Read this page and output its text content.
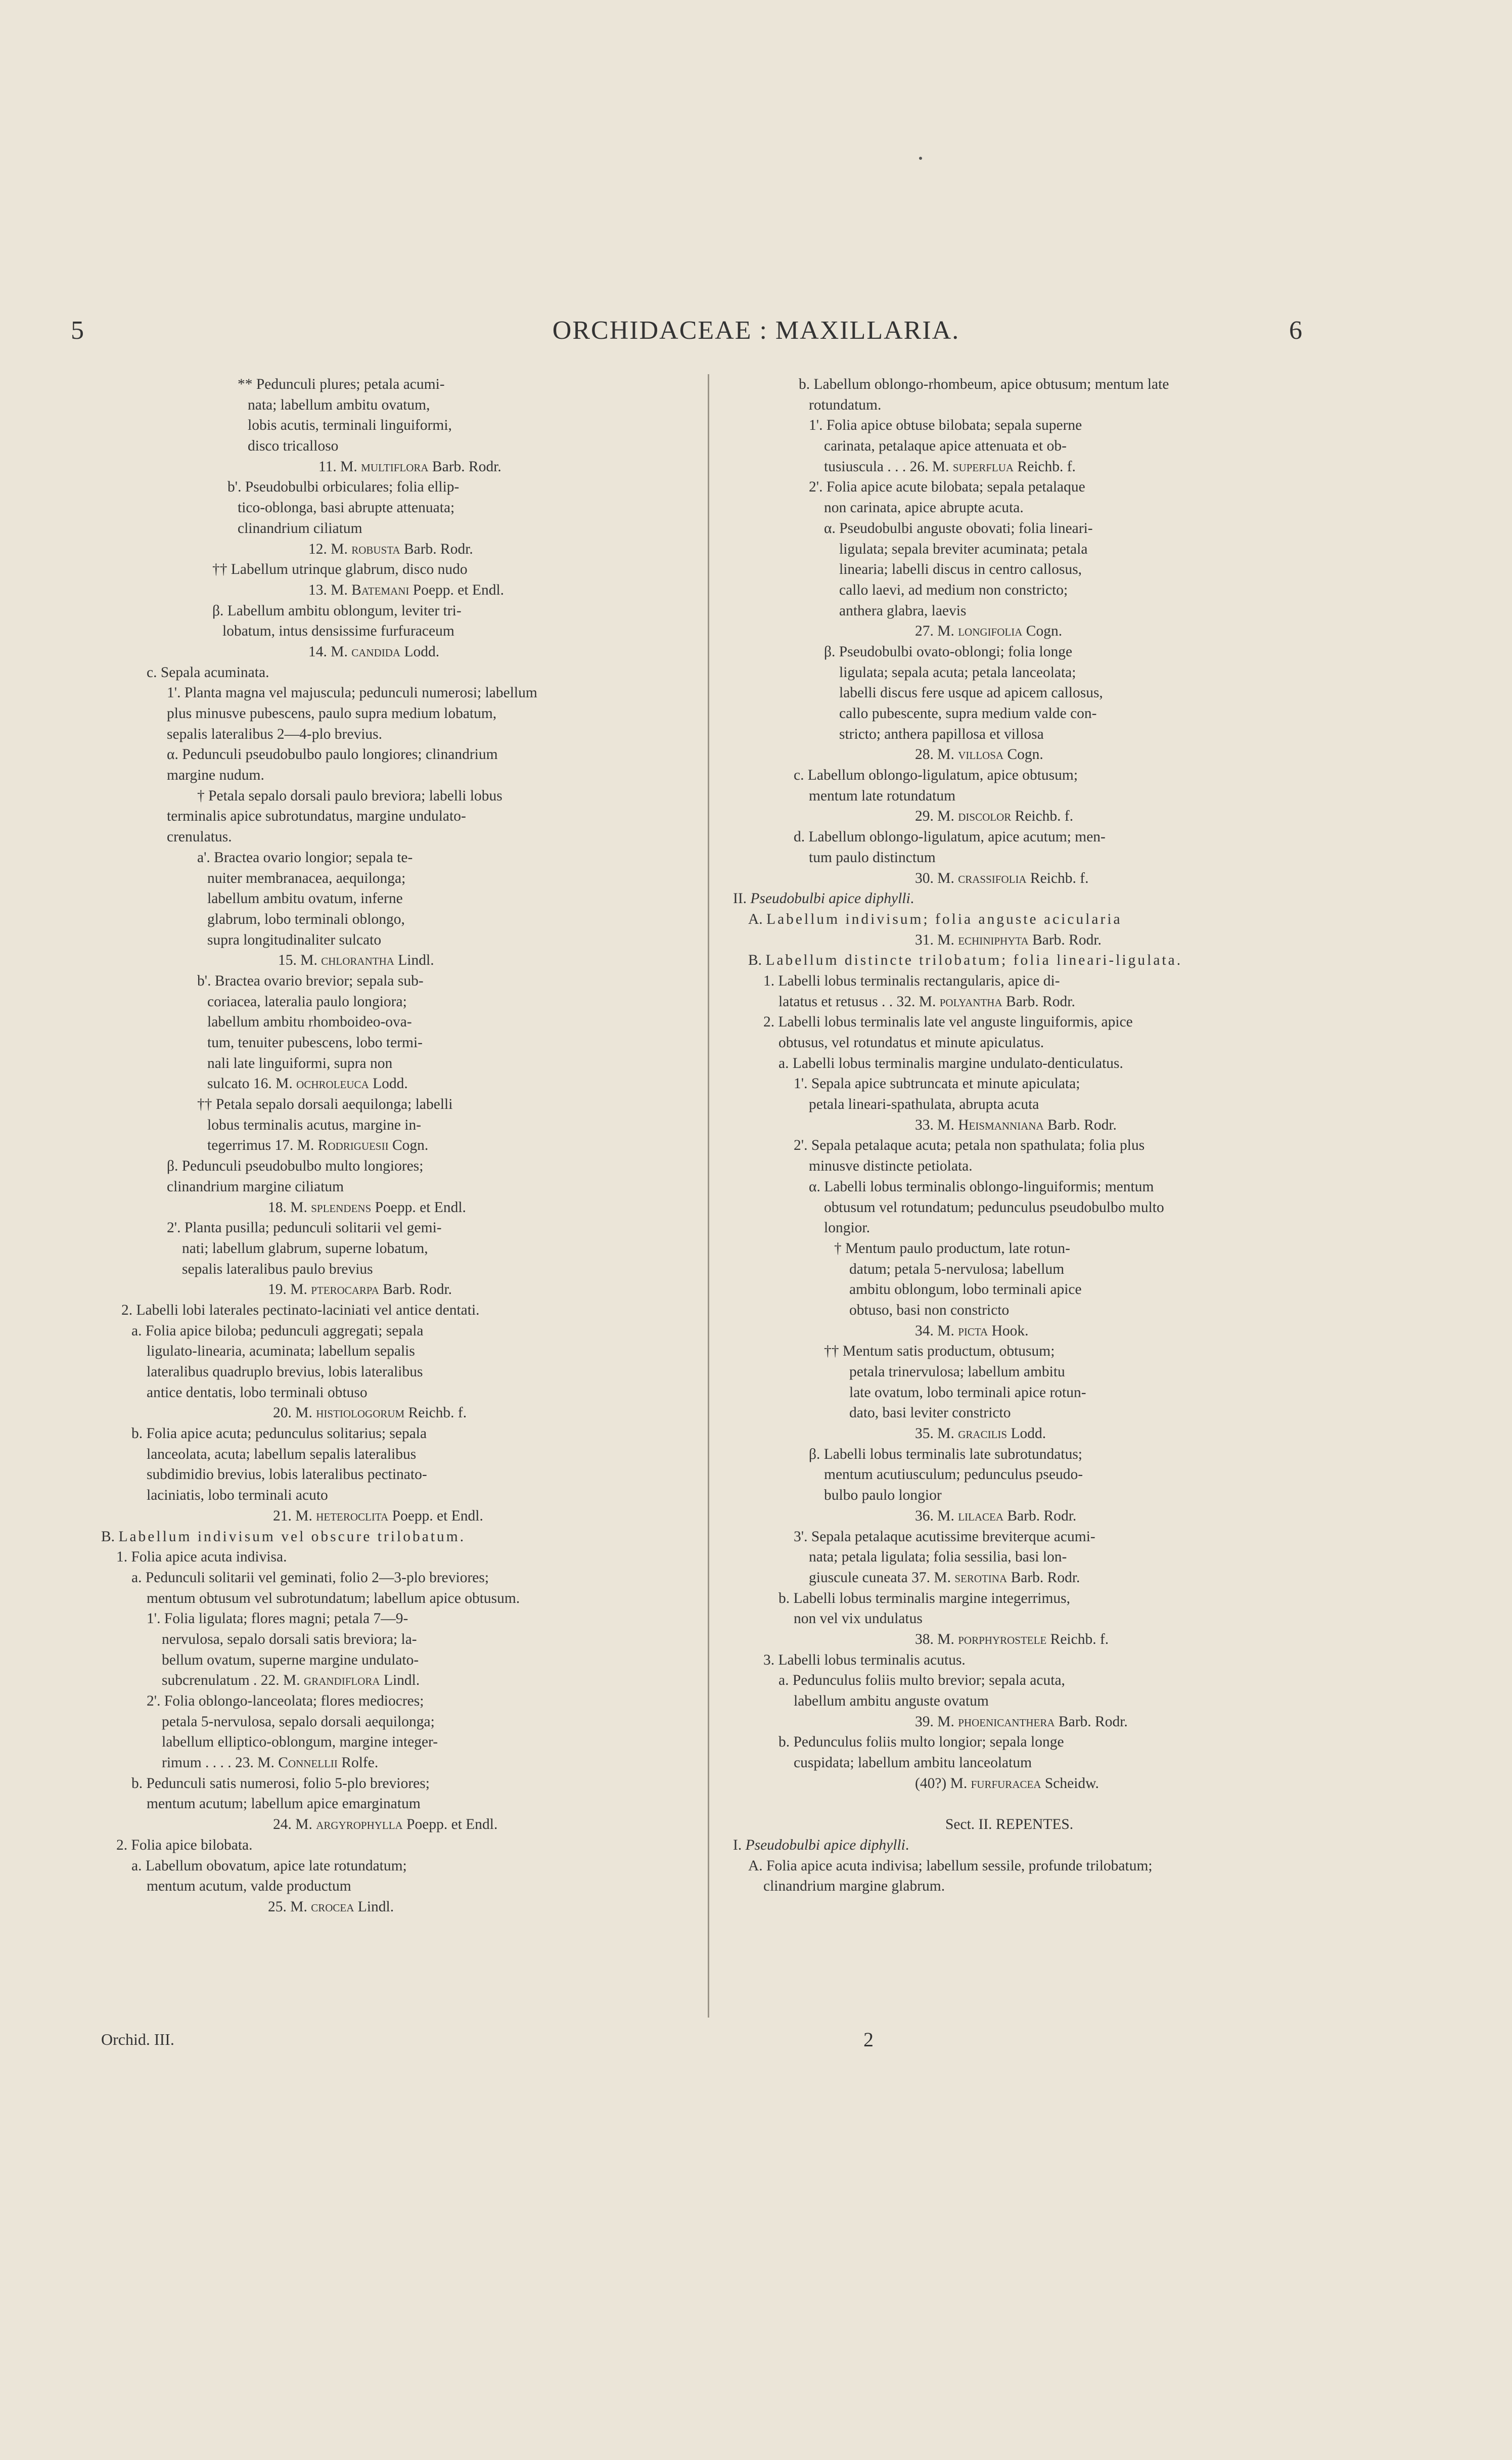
5	ORCHIDACEAE : MAXILLARIA.	6
** Pedunculi plures; petala acumi-
nata; labellum ambitu ovatum,
lobis acutis, terminali linguiformi,
disco tricalloso
11. M. multiflora Barb. Rodr.
b'. Pseudobulbi orbiculares; folia ellip-
tico-oblonga, basi abrupte attenuata;
clinandrium ciliatum
12. M. robusta Barb. Rodr.
†† Labellum utrinque glabrum, disco nudo
13. M. Batemani Poepp. et Endl.
β. Labellum ambitu oblongum, leviter tri-
lobatum, intus densissime furfuraceum
14. M. candida Lodd.
c. Sepala acuminata.
1'. Planta magna vel majuscula; pedunculi numerosi; labellum
plus minusve pubescens, paulo supra medium lobatum,
sepalis lateralibus 2—4-plo brevius.
α. Pedunculi pseudobulbo paulo longiores; clinandrium
margine nudum.
† Petala sepalo dorsali paulo breviora; labelli lobus
terminalis apice subrotundatus, margine undulato-
crenulatus.
a'. Bractea ovario longior; sepala te-
nuiter membranacea, aequilonga;
labellum ambitu ovatum, inferne
glabrum, lobo terminali oblongo,
supra longitudinaliter sulcato
15. M. chlorantha Lindl.
b'. Bractea ovario brevior; sepala sub-
coriacea, lateralia paulo longiora;
labellum ambitu rhomboideo-ova-
tum, tenuiter pubescens, lobo termi-
nali late linguiformi, supra non
sulcato 16. M. ochroleuca Lodd.
†† Petala sepalo dorsali aequilonga; labelli
lobus terminalis acutus, margine in-
tegerrimus 17. M. Rodriguesii Cogn.
β. Pedunculi pseudobulbo multo longiores;
clinandrium margine ciliatum
18. M. splendens Poepp. et Endl.
2'. Planta pusilla; pedunculi solitarii vel gemi-
nati; labellum glabrum, superne lobatum,
sepalis lateralibus paulo brevius
19. M. pterocarpa Barb. Rodr.
2. Labelli lobi laterales pectinato-laciniati vel antice dentati.
a. Folia apice biloba; pedunculi aggregati; sepala
ligulato-linearia, acuminata; labellum sepalis
lateralibus quadruplo brevius, lobis lateralibus
antice dentatis, lobo terminali obtuso
20. M. histiologorum Reichb. f.
b. Folia apice acuta; pedunculus solitarius; sepala
lanceolata, acuta; labellum sepalis lateralibus
subdimidio brevius, lobis lateralibus pectinato-
laciniatis, lobo terminali acuto
21. M. heteroclita Poepp. et Endl.
B. Labellum indivisum vel obscure trilobatum.
1. Folia apice acuta indivisa.
a. Pedunculi solitarii vel geminati, folio 2—3-plo breviores;
mentum obtusum vel subrotundatum; labellum apice obtusum.
1'. Folia ligulata; flores magni; petala 7—9-
nervulosa, sepalo dorsali satis breviora; la-
bellum ovatum, superne margine undulato-
subcrenulatum . 22. M. grandiflora Lindl.
2'. Folia oblongo-lanceolata; flores mediocres;
petala 5-nervulosa, sepalo dorsali aequilonga;
labellum elliptico-oblongum, margine integer-
rimum . . . . 23. M. Connellii Rolfe.
b. Pedunculi satis numerosi, folio 5-plo breviores;
mentum acutum; labellum apice emarginatum
24. M. argyrophylla Poepp. et Endl.
2. Folia apice bilobata.
a. Labellum obovatum, apice late rotundatum;
mentum acutum, valde productum
25. M. crocea Lindl.
b. Labellum oblongo-rhombeum, apice obtusum; mentum late
rotundatum.
1'. Folia apice obtuse bilobata; sepala superne
carinata, petalaque apice attenuata et ob-
tusiuscula . . . 26. M. superflua Reichb. f.
2'. Folia apice acute bilobata; sepala petalaque
non carinata, apice abrupte acuta.
α. Pseudobulbi anguste obovati; folia lineari-
ligulata; sepala breviter acuminata; petala
linearia; labelli discus in centro callosus,
callo laevi, ad medium non constricto;
anthera glabra, laevis
27. M. longifolia Cogn.
β. Pseudobulbi ovato-oblongi; folia longe
ligulata; sepala acuta; petala lanceolata;
labelli discus fere usque ad apicem callosus,
callo pubescente, supra medium valde con-
stricto; anthera papillosa et villosa
28. M. villosa Cogn.
c. Labellum oblongo-ligulatum, apice obtusum;
mentum late rotundatum
29. M. discolor Reichb. f.
d. Labellum oblongo-ligulatum, apice acutum; men-
tum paulo distinctum
30. M. crassifolia Reichb. f.
II. Pseudobulbi apice diphylli.
A. Labellum indivisum; folia anguste acicularia
31. M. echiniphyta Barb. Rodr.
B. Labellum distincte trilobatum; folia lineari-ligulata.
1. Labelli lobus terminalis rectangularis, apice di-
latatus et retusus . . 32. M. polyantha Barb. Rodr.
2. Labelli lobus terminalis late vel anguste linguiformis, apice
obtusus, vel rotundatus et minute apiculatus.
a. Labelli lobus terminalis margine undulato-denticulatus.
1'. Sepala apice subtruncata et minute apiculata;
petala lineari-spathulata, abrupta acuta
33. M. Heismanniana Barb. Rodr.
2'. Sepala petalaque acuta; petala non spathulata; folia plus
minusve distincte petiolata.
α. Labelli lobus terminalis oblongo-linguiformis; mentum
obtusum vel rotundatum; pedunculus pseudobulbo multo
longior.
† Mentum paulo productum, late rotun-
datum; petala 5-nervulosa; labellum
ambitu oblongum, lobo terminali apice
obtuso, basi non constricto
34. M. picta Hook.
†† Mentum satis productum, obtusum;
petala trinervulosa; labellum ambitu
late ovatum, lobo terminali apice rotun-
dato, basi leviter constricto
35. M. gracilis Lodd.
β. Labelli lobus terminalis late subrotundatus;
mentum acutiusculum; pedunculus pseudo-
bulbo paulo longior
36. M. lilacea Barb. Rodr.
3'. Sepala petalaque acutissime breviterque acumi-
nata; petala ligulata; folia sessilia, basi lon-
giuscule cuneata 37. M. serotina Barb. Rodr.
b. Labelli lobus terminalis margine integerrimus,
non vel vix undulatus
38. M. porphyrostele Reichb. f.
3. Labelli lobus terminalis acutus.
a. Pedunculus foliis multo brevior; sepala acuta,
labellum ambitu anguste ovatum
39. M. phoenicanthera Barb. Rodr.
b. Pedunculus foliis multo longior; sepala longe
cuspidata; labellum ambitu lanceolatum
(40?) M. furfuracea Scheidw.
Sect. II. REPENTES.
I. Pseudobulbi apice diphylli.
A. Folia apice acuta indivisa; labellum sessile, profunde trilobatum;
clinandrium margine glabrum.
Orchid. III.	2
